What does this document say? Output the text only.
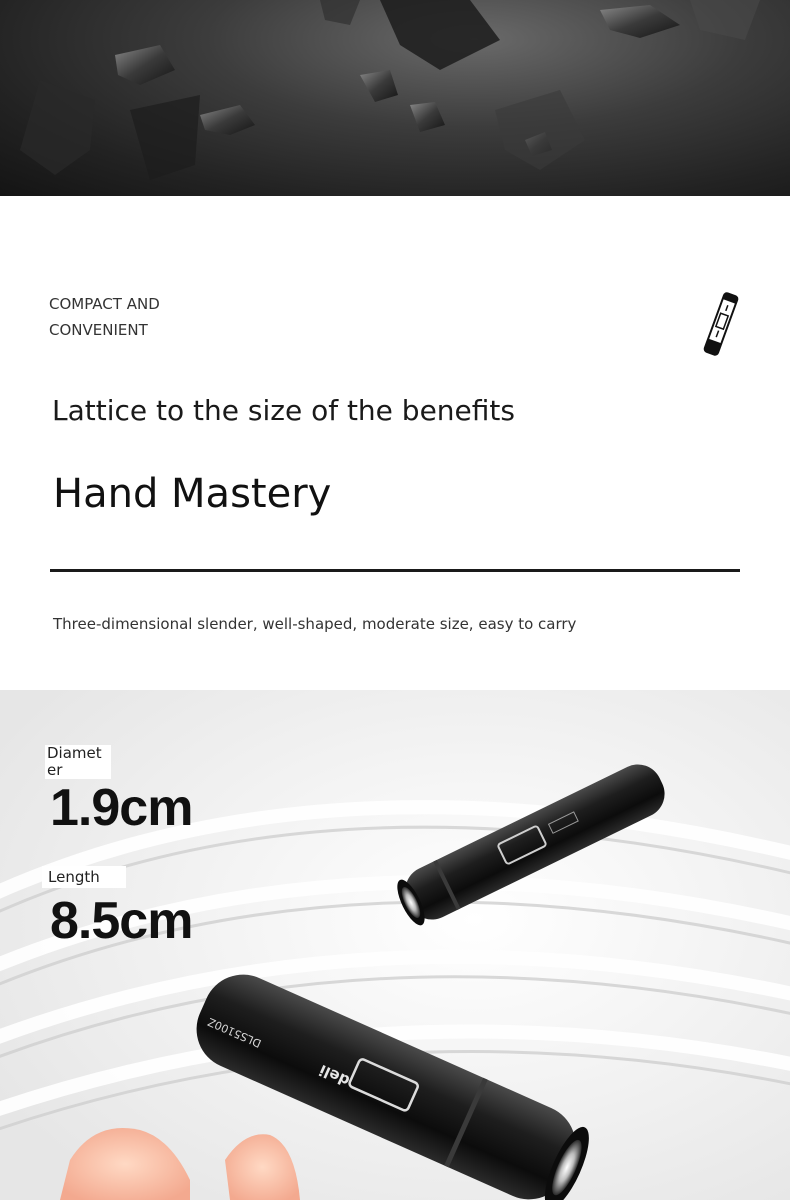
COMPACT AND
CONVENIENT
Lattice to the size of the benefits
Hand Mastery
Three-dimensional slender, well-shaped, moderate size, easy to carry
DLS5100Z
deli
Diameter
1.9cm
Length
8.5cm
